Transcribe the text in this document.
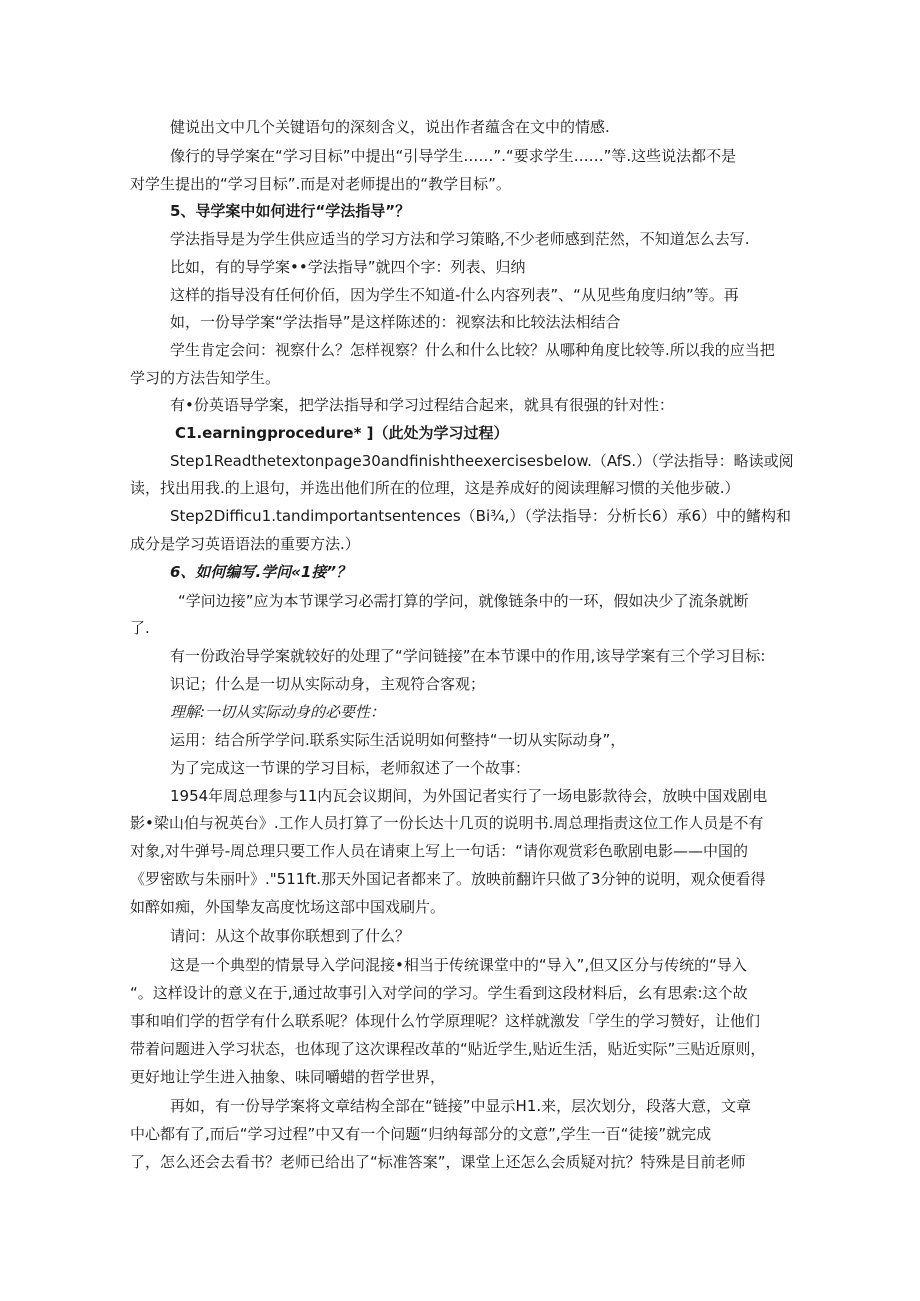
健说出文中几个关键语句的深刻含义，说出作者蕴含在文中的情感.
像行的导学案在“学习目标”中提出“引导学生……”.“要求学生……”等.这些说法都不是
对学生提出的“学习目标”.而是对老师提出的“教学目标”。
5、导学案中如何进行“学法指导”？
学法指导是为学生供应适当的学习方法和学习策略,不少老师感到茫然，不知道怎么去写.
比如，有的导学案••学法指导”就四个字：列表、归纳
这样的指导没有任何价佰，因为学生不知道-什么内容列表”、“从见些角度归纳”等。再
如，一份导学案“学法指导”是这样陈述的：视察法和比较法法相结合
学生肯定会问：视察什么？怎样视察？什么和什么比较？从哪种角度比较等.所以我的应当把
学习的方法告知学生。
有•份英语导学案，把学法指导和学习过程结合起来，就具有很强的针对性：
C1.earningprocedure* ]（此处为学习过程）
Step1Readthetextonpage30andfinishtheexercisesbeIow.（AfS.）（学法指导：略读或阅
读，找出用我.的上退句，并选出他们所在的位理，这是养成好的阅读理解习惯的关他步破.）
Step2Difficu1.tandimportantsentences（Bi¾,）（学法指导：分析长6）承6）中的鳍构和
成分是学习英语语法的重要方法.）
6、如何编写.学问«1接”？
“学问边接”应为本节课学习必需打算的学问，就像链条中的一环，假如决少了流条就断
了.
有一份政治导学案就较好的处理了“学问链接”在本节课中的作用,该导学案有三个学习目标:
识记；什么是一切从实际动身，主观符合客观；
理解:一切从实际动身的必要性：
运用：结合所学学问.联系实际生活说明如何整持“一切从实际动身”，
为了完成这一节课的学习目标，老师叙述了一个故事：
1954年周总理参与11内瓦会议期间，为外国记者实行了一场电影款待会，放映中国戏剧电
影•梁山伯与祝英台》.工作人员打算了一份长达十几页的说明书.周总理指责这位工作人员是不有
对象,对牛弹号-周总理只要工作人员在请柬上写上一句话：“请你观赏彩色歌剧电影——中国的
《罗密欧与朱丽叶》."511ft.那天外国记者都来了。放映前翻许只做了3分钟的说明，观众便看得
如醉如痴，外国挚友高度忱场这部中国戏刷片。
请问：从这个故事你联想到了什么？
这是一个典型的情景导入学问混接•相当于传统课堂中的“导入”,但又区分与传统的“导入
“。这样设计的意义在于,通过故事引入对学问的学习。学生看到这段材料后，幺有思索:这个故
事和咱们学的哲学有什么联系呢？体现什么竹学原理呢？这样就激发「学生的学习赞好，让他们
带着问题进入学习状态，也体现了这次课程改革的“贴近学生,贴近生活，贴近实际”三贴近原则，
更好地让学生进入抽象、味同嚼蜡的哲学世界，
再如，有一份导学案将文章结构全部在“链接”中显示H1.来，层次划分，段落大意，文章
中心都有了,而后“学习过程”中又有一个问题“归纳每部分的文意”,学生一百“徒接”就完成
了，怎么还会去看书？老师已给出了“标准答案”，课堂上还怎么会质疑对抗？特殊是目前老师
